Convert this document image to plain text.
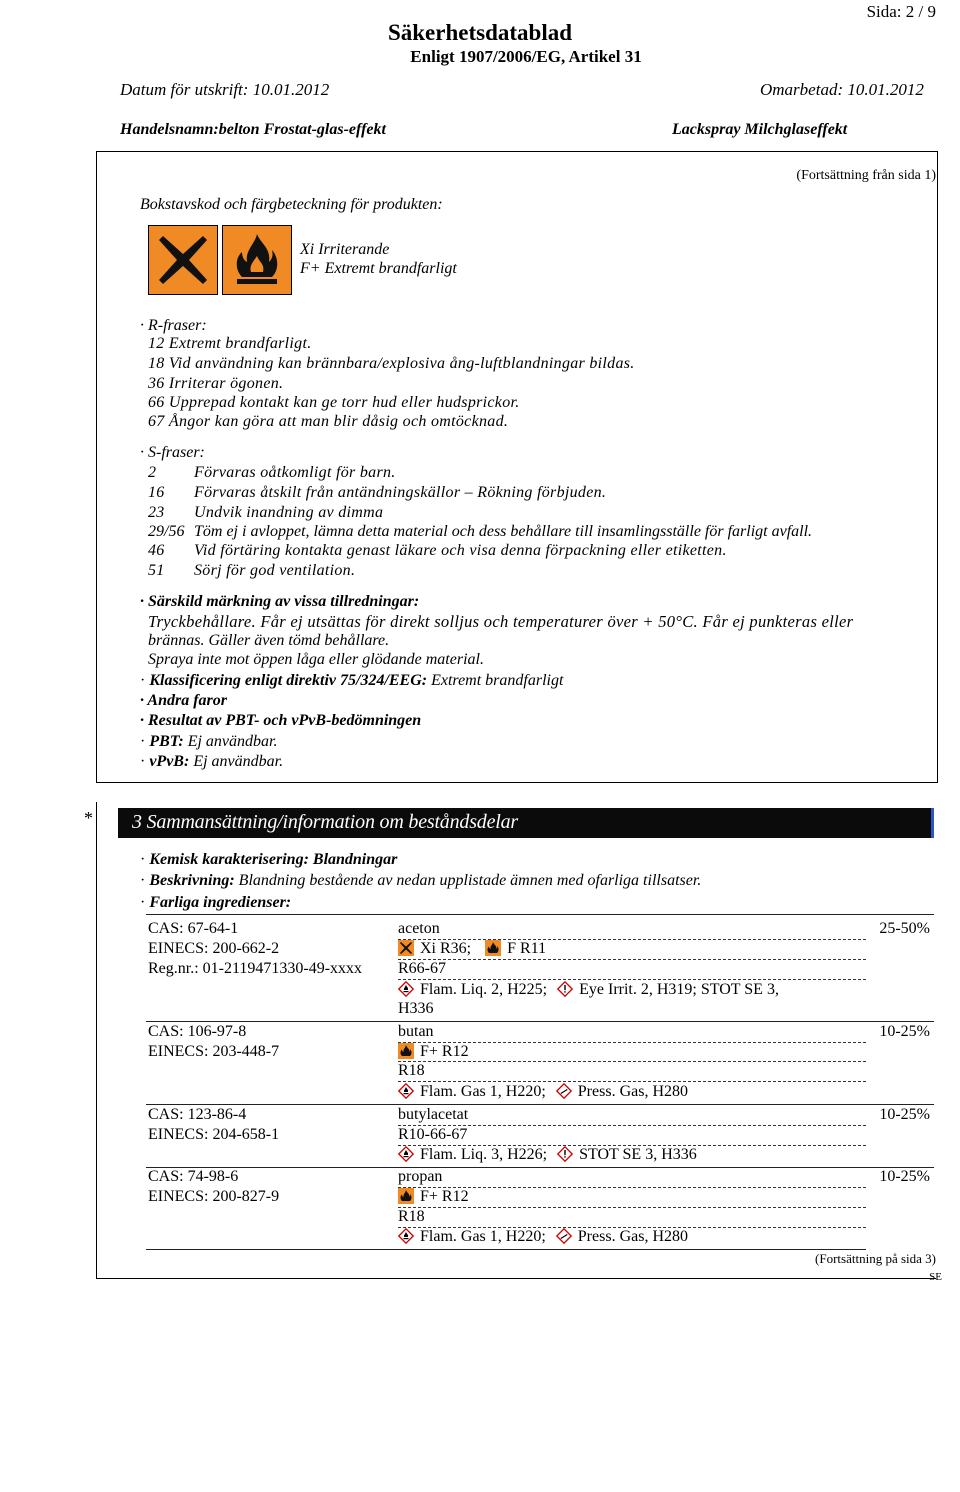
Sida: 2 / 9
Säkerhetsdatablad
Enligt 1907/2006/EG, Artikel 31
Datum för utskrift: 10.01.2012	Omarbetad: 10.01.2012
Handelsnamn:belton Frostat-glas-effekt	Lackspray Milchglaseffekt
(Fortsättning från sida 1)
Bokstavskod och färgbeteckning för produkten:
Xi Irriterande
F+ Extremt brandfarligt
· R-fraser:
12 Extremt brandfarligt.
18 Vid användning kan brännbara/explosiva ång-luftblandningar bildas.
36 Irriterar ögonen.
66 Upprepad kontakt kan ge torr hud eller hudsprickor.
67 Ångor kan göra att man blir dåsig och omtöcknad.
· S-fraser:
2 Förvaras oåtkomligt för barn.
16 Förvaras åtskilt från antändningskällor – Rökning förbjuden.
23 Undvik inandning av dimma
29/56 Töm ej i avloppet, lämna detta material och dess behållare till insamlingsställe för farligt avfall.
46 Vid förtäring kontakta genast läkare och visa denna förpackning eller etiketten.
51 Sörj för god ventilation.
· Särskild märkning av vissa tillredningar:
Tryckbehållare. Får ej utsättas för direkt solljus och temperaturer över + 50°C. Får ej punkteras eller
brännas. Gäller även tömd behållare.
Spraya inte mot öppen låga eller glödande material.
· Klassificering enligt direktiv 75/324/EEG: Extremt brandfarligt
· Andra faror
· Resultat av PBT- och vPvB-bedömningen
· PBT: Ej användbar.
· vPvB: Ej användbar.
* 3 Sammansättning/information om beståndsdelar
· Kemisk karakterisering: Blandningar
· Beskrivning: Blandning bestående av nedan upplistade ämnen med ofarliga tillsatser.
· Farliga ingredienser:
CAS: 67-64-1
EINECS: 200-662-2
Reg.nr.: 01-2119471330-49-xxxx
aceton	25-50%
Xi R36; F R11
R66-67
Flam. Liq. 2, H225; Eye Irrit. 2, H319; STOT SE 3,
H336
CAS: 106-97-8
EINECS: 203-448-7
butan	10-25%
F+ R12
R18
Flam. Gas 1, H220; Press. Gas, H280
CAS: 123-86-4
EINECS: 204-658-1
butylacetat	10-25%
R10-66-67
Flam. Liq. 3, H226; STOT SE 3, H336
CAS: 74-98-6
EINECS: 200-827-9
propan	10-25%
F+ R12
R18
Flam. Gas 1, H220; Press. Gas, H280
(Fortsättning på sida 3)
SE
